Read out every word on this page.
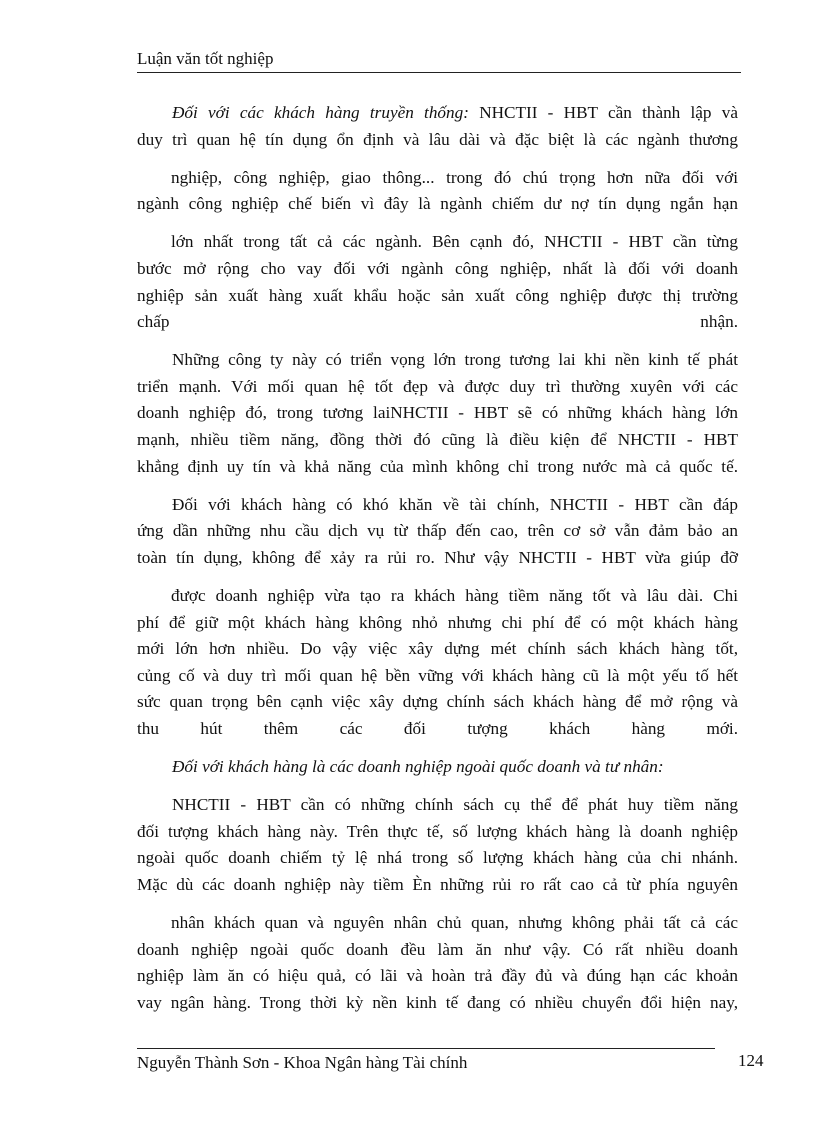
Luận văn tốt nghiệp
Đối với các khách hàng truyền thống: NHCTII - HBT cần thành lập và
duy trì quan hệ tín dụng ổn định và lâu dài và đặc biệt là các ngành thương
nghiệp, công nghiệp, giao thông... trong đó chú trọng hơn nữa đối với
ngành công nghiệp chế biến vì đây là ngành chiếm dư nợ tín dụng ngắn hạn
lớn nhất trong tất cả các ngành. Bên cạnh đó, NHCTII - HBT cần từng
bước mở rộng cho vay đối với ngành công nghiệp, nhất là đối với doanh
nghiệp sản xuất hàng xuất khẩu hoặc sản xuất công nghiệp được thị trường
chấp nhận.
Những công ty này có triển vọng lớn trong tương lai khi nền kinh tế phát
triển mạnh. Với mối quan hệ tốt đẹp và được duy trì thường xuyên với các
doanh nghiệp đó, trong tương laiNHCTII - HBT sẽ có những khách hàng lớn
mạnh, nhiều tiềm năng, đồng thời đó cũng là điều kiện để NHCTII - HBT
khẳng định uy tín và khả năng của mình không chỉ trong nước mà cả quốc tế.
Đối với khách hàng có khó khăn về tài chính, NHCTII - HBT cần đáp
ứng dần những nhu cầu dịch vụ từ thấp đến cao, trên cơ sở vẫn đảm bảo an
toàn tín dụng, không để xảy ra rủi ro. Như vậy NHCTII - HBT vừa giúp đỡ
được doanh nghiệp vừa tạo ra khách hàng tiềm năng tốt và lâu dài. Chi
phí để giữ một khách hàng không nhỏ nhưng chi phí để có một khách hàng
mới lớn hơn nhiều. Do vậy việc xây dựng mét chính sách khách hàng tốt,
củng cố và duy trì mối quan hệ bền vững với khách hàng cũ là một yếu tố hết
sức quan trọng bên cạnh việc xây dựng chính sách khách hàng để mở rộng và
thu hút thêm các đối tượng khách hàng mới.
Đối với khách hàng là các doanh nghiệp ngoài quốc doanh và tư nhân:
NHCTII - HBT cần có những chính sách cụ thể để phát huy tiềm năng
đối tượng khách hàng này. Trên thực tế, số lượng khách hàng là doanh nghiệp
ngoài quốc doanh chiếm tỷ lệ nhá trong số lượng khách hàng của chi nhánh.
Mặc dù các doanh nghiệp này tiềm Èn những rủi ro rất cao cả từ phía nguyên
nhân khách quan và nguyên nhân chủ quan, nhưng không phải tất cả các
doanh nghiệp ngoài quốc doanh đều làm ăn như vậy. Có rất nhiều doanh
nghiệp làm ăn có hiệu quả, có lãi và hoàn trả đầy đủ và đúng hạn các khoản
vay ngân hàng. Trong thời kỳ nền kinh tế đang có nhiều chuyển đổi hiện nay,
Nguyễn Thành Sơn - Khoa Ngân hàng Tài chính	124
